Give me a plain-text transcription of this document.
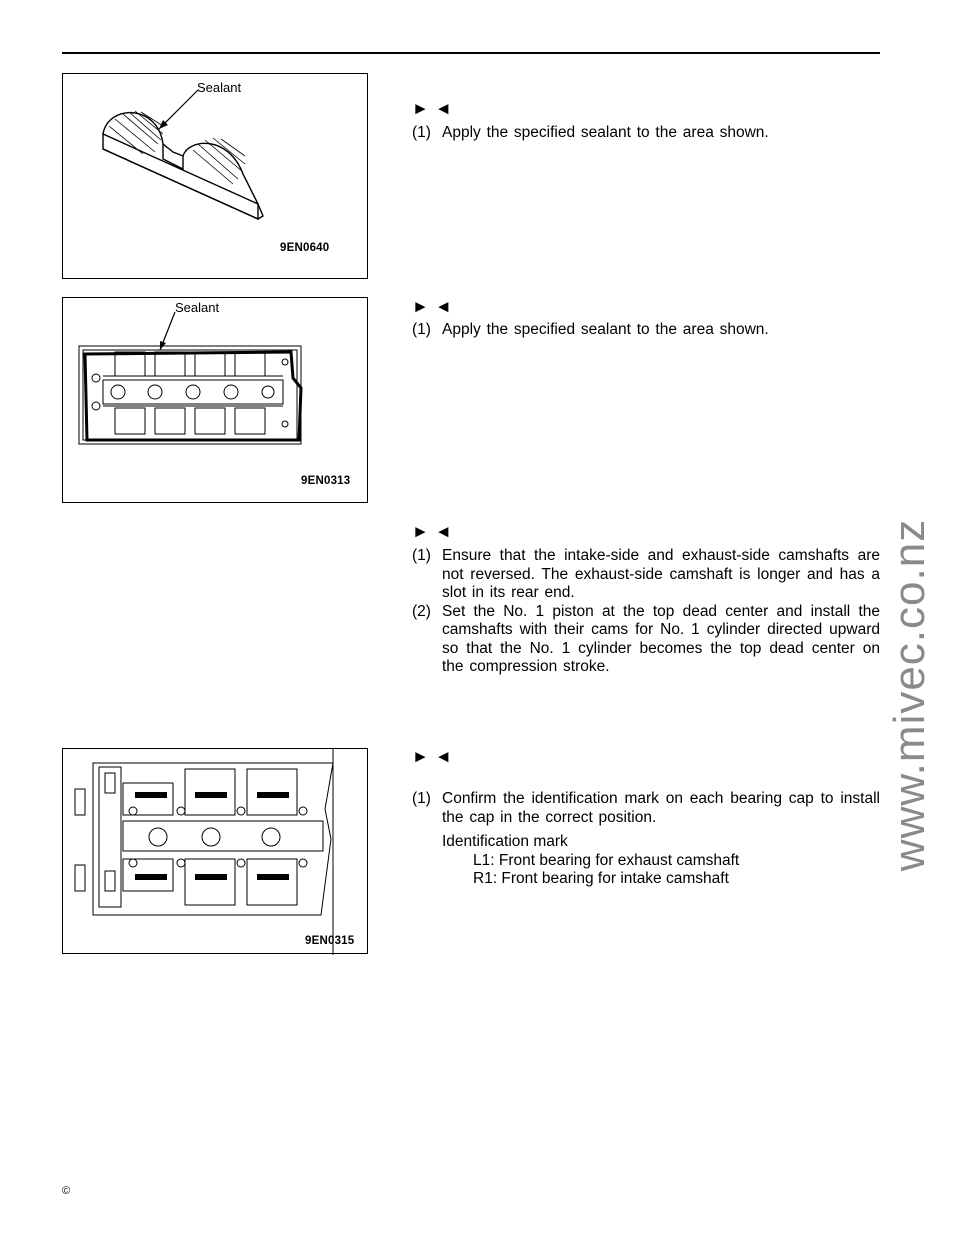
Sealant
9EN0640
Sealant
9EN0313
9EN0315
►◄
(1) Apply the specified sealant to the area shown.
►◄
(1) Apply the specified sealant to the area shown.
►◄
(1) Ensure that the intake-side and exhaust-side camshafts are not reversed. The exhaust-side camshaft is longer and has a slot in its rear end.
(2) Set the No. 1 piston at the top dead center and install the camshafts with their cams for No. 1 cylinder directed upward so that the No. 1 cylinder becomes the top dead center on the compression stroke.
►◄
(1) Confirm the identification mark on each bearing cap to install the cap in the correct position.
Identification mark
L1: Front bearing for exhaust camshaft
R1: Front bearing for intake camshaft
www.mivec.co.nz
©
